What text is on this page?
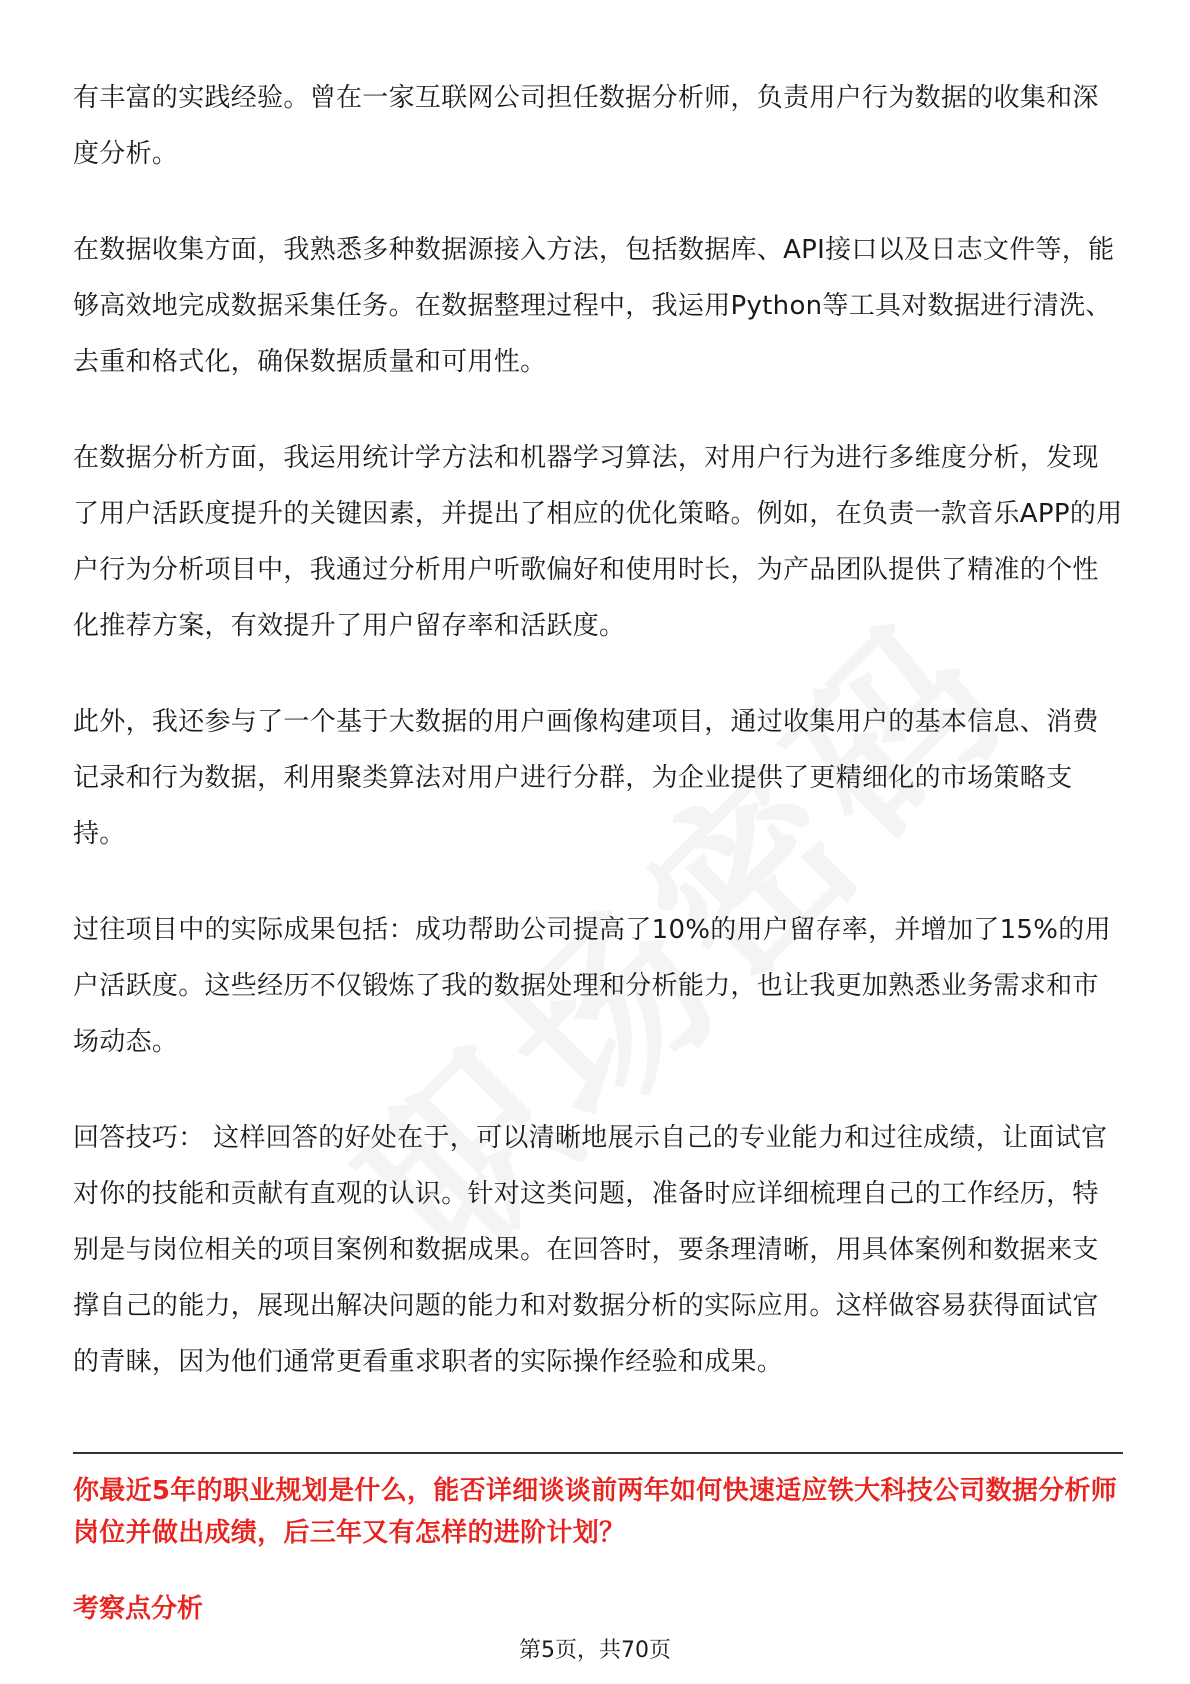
有丰富的实践经验。曾在一家互联网公司担任数据分析师，负责用户行为数据的收集和深度分析。

在数据收集方面，我熟悉多种数据源接入方法，包括数据库、API接口以及日志文件等，能够高效地完成数据采集任务。在数据整理过程中，我运用Python等工具对数据进行清洗、去重和格式化，确保数据质量和可用性。

在数据分析方面，我运用统计学方法和机器学习算法，对用户行为进行多维度分析，发现了用户活跃度提升的关键因素，并提出了相应的优化策略。例如，在负责一款音乐APP的用户行为分析项目中，我通过分析用户听歌偏好和使用时长，为产品团队提供了精准的个性化推荐方案，有效提升了用户留存率和活跃度。

此外，我还参与了一个基于大数据的用户画像构建项目，通过收集用户的基本信息、消费记录和行为数据，利用聚类算法对用户进行分群，为企业提供了更精细化的市场策略支持。

过往项目中的实际成果包括：成功帮助公司提高了10%的用户留存率，并增加了15%的用户活跃度。这些经历不仅锻炼了我的数据处理和分析能力，也让我更加熟悉业务需求和市场动态。

回答技巧： 这样回答的好处在于，可以清晰地展示自己的专业能力和过往成绩，让面试官对你的技能和贡献有直观的认识。针对这类问题，准备时应详细梳理自己的工作经历，特别是与岗位相关的项目案例和数据成果。在回答时，要条理清晰，用具体案例和数据来支撑自己的能力，展现出解决问题的能力和对数据分析的实际应用。这样做容易获得面试官的青睐，因为他们通常更看重求职者的实际操作经验和成果。

你最近5年的职业规划是什么，能否详细谈谈前两年如何快速适应铁大科技公司数据分析师岗位并做出成绩，后三年又有怎样的进阶计划？

考察点分析

第5页，共70页
